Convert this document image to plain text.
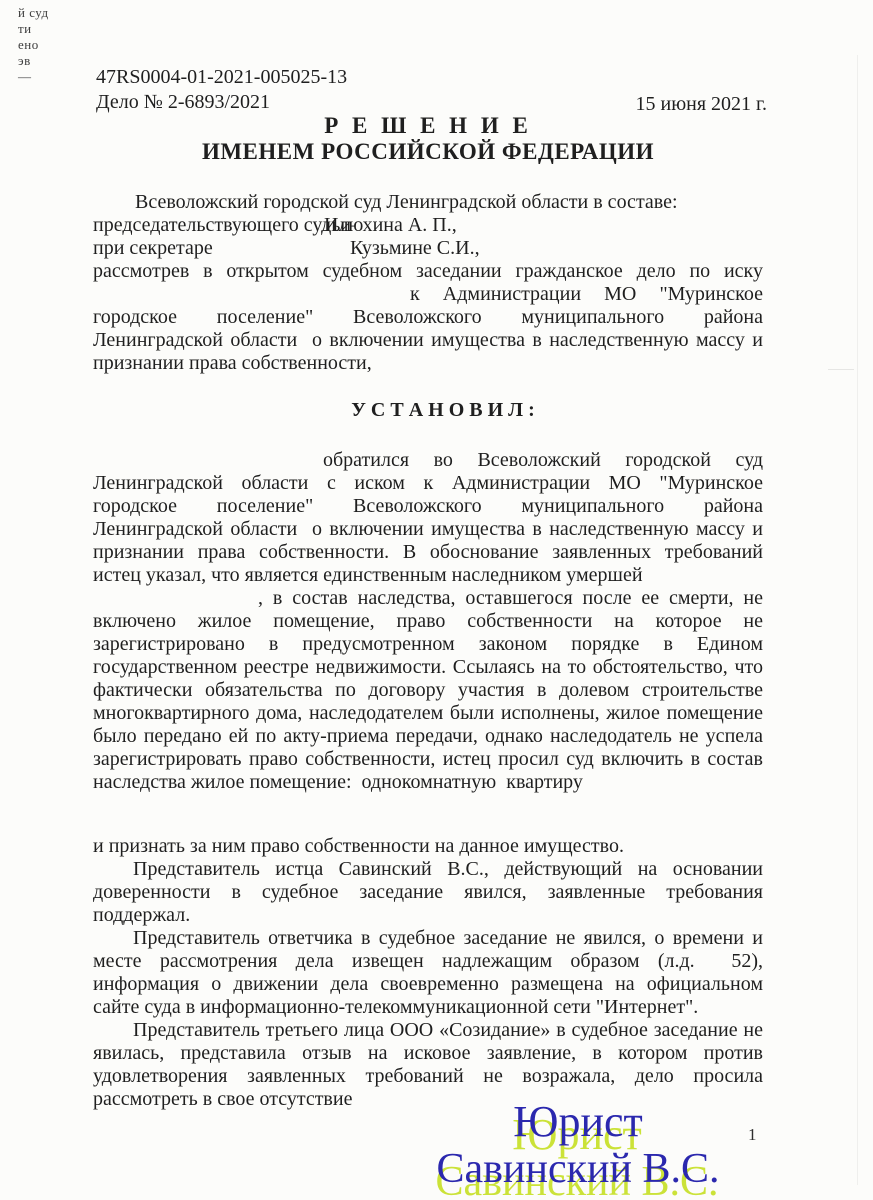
й суд
ти
ено
эв
—	47RS0004-01-2021-005025-13
Дело № 2-6893/2021	15 июня 2021 г.
Р Е Ш Е Н И Е
ИМЕНЕМ РОССИЙСКОЙ ФЕДЕРАЦИИ
Всеволожский городской суд Ленинградской области в составе:
председательствующего судьи
Илюхина А. П.,
при секретаре	Кузьмине С.И.,
рассмотрев в открытом судебном заседании гражданское дело по иску
к Администрации МО "Муринское
городское поселение" Всеволожского муниципального района
Ленинградской области  о включении имущества в наследственную массу и
признании права собственности,
У С Т А Н О В И Л :
обратился во Всеволожский городской суд
Ленинградской области с иском к Администрации МО "Муринское
городское поселение" Всеволожского муниципального района
Ленинградской области  о включении имущества в наследственную массу и
признании права собственности. В обоснование заявленных требований
истец указал, что является единственным наследником умершей
, в состав наследства, оставшегося после ее смерти, не
включено жилое помещение, право собственности на которое не
зарегистрировано в предусмотренном законом порядке в Едином
государственном реестре недвижимости. Ссылаясь на то обстоятельство, что
фактически обязательства по договору участия в долевом строительстве
многоквартирного дома, наследодателем были исполнены, жилое помещение
было передано ей по акту-приема передачи, однако наследодатель не успела
зарегистрировать право собственности, истец просил суд включить в состав
наследства жилое помещение:  однокомнатную  квартиру
и признать за ним право собственности на данное имущество.
Представитель истца Савинский В.С., действующий на основании
доверенности в судебное заседание явился, заявленные требования
поддержал.
Представитель ответчика в судебное заседание не явился, о времени и
месте рассмотрения дела извещен надлежащим образом (л.д.  52),
информация о движении дела своевременно размещена на официальном
сайте суда в информационно-телекоммуникационной сети "Интернет".
Представитель третьего лица ООО «Созидание» в судебное заседание не
явилась, представила отзыв на исковое заявление, в котором против
удовлетворения заявленных требований не возражала, дело просила
рассмотреть в свое отсутствие	Юрист
Савинский В.С.
1
